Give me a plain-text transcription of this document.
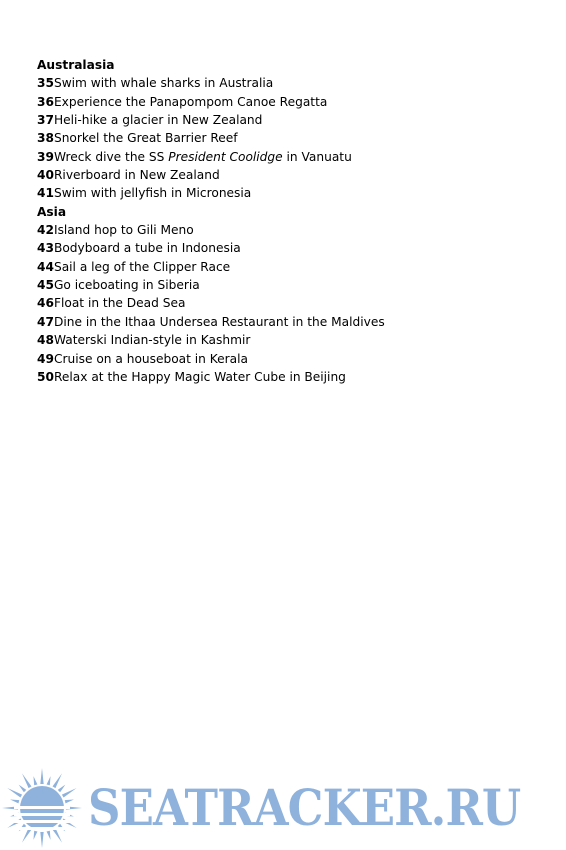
Australasia
35Swim with whale sharks in Australia
36Experience the Panapompom Canoe Regatta
37Heli-hike a glacier in New Zealand
38Snorkel the Great Barrier Reef
39Wreck dive the SS President Coolidge in Vanuatu
40Riverboard in New Zealand
41Swim with jellyfish in Micronesia
Asia
42Island hop to Gili Meno
43Bodyboard a tube in Indonesia
44Sail a leg of the Clipper Race
45Go iceboating in Siberia
46Float in the Dead Sea
47Dine in the Ithaa Undersea Restaurant in the Maldives
48Waterski Indian-style in Kashmir
49Cruise on a houseboat in Kerala
50Relax at the Happy Magic Water Cube in Beijing
SEATRACKER.RU
